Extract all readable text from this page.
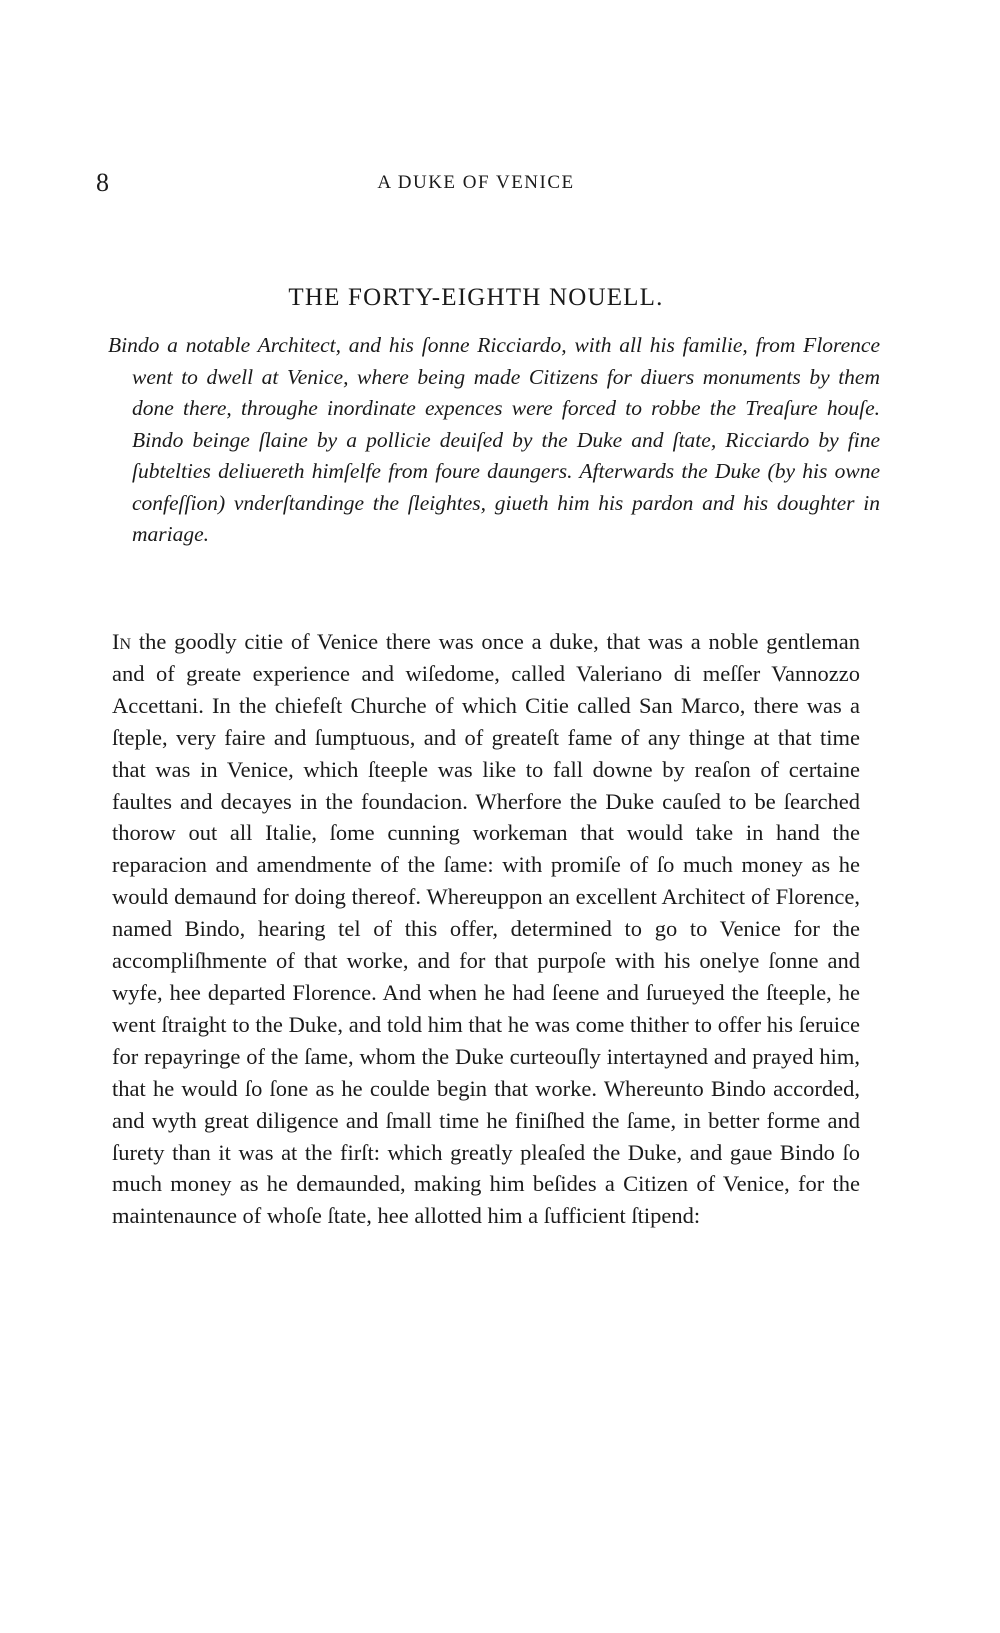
8	A DUKE OF VENICE
THE FORTY-EIGHTH NOUELL.

Bindo a notable Architect, and his ſonne Ricciardo, with all his familie, from Florence went to dwell at Venice, where being made Citizens for diuers monuments by them done there, throughe inordinate expences were forced to robbe the Treaſure houſe. Bindo beinge ſlaine by a pollicie deuiſed by the Duke and ſtate, Ricciardo by fine ſubtelties deliuereth himſelfe from foure daungers. Afterwards the Duke (by his owne confeſſion) vnderſtandinge the ſleightes, giueth him his pardon and his doughter in mariage.

In the goodly citie of Venice there was once a duke, that was a noble gentleman and of greate experience and wiſedome, called Valeriano di meſſer Vannozzo Accettani. In the chiefeſt Churche of which Citie called San Marco, there was a ſteple, very faire and ſumptuous, and of greateſt fame of any thinge at that time that was in Venice, which ſteeple was like to fall downe by reaſon of certaine faultes and decayes in the foundacion. Wherfore the Duke cauſed to be ſearched thorow out all Italie, ſome cunning workeman that would take in hand the reparacion and amendmente of the ſame: with promiſe of ſo much money as he would demaund for doing thereof. Whereuppon an excellent Architect of Florence, named Bindo, hearing tel of this offer, determined to go to Venice for the accompliſhmente of that worke, and for that purpoſe with his onelye ſonne and wyfe, hee departed Florence. And when he had ſeene and ſurueyed the ſteeple, he went ſtraight to the Duke, and told him that he was come thither to offer his ſeruice for repayringe of the ſame, whom the Duke curteouſly intertayned and prayed him, that he would ſo ſone as he coulde begin that worke. Whereunto Bindo accorded, and wyth great diligence and ſmall time he finiſhed the ſame, in better forme and ſurety than it was at the firſt: which greatly pleaſed the Duke, and gaue Bindo ſo much money as he demaunded, making him beſides a Citizen of Venice, for the maintenaunce of whoſe ſtate, hee allotted him a ſufficient ſtipend:
